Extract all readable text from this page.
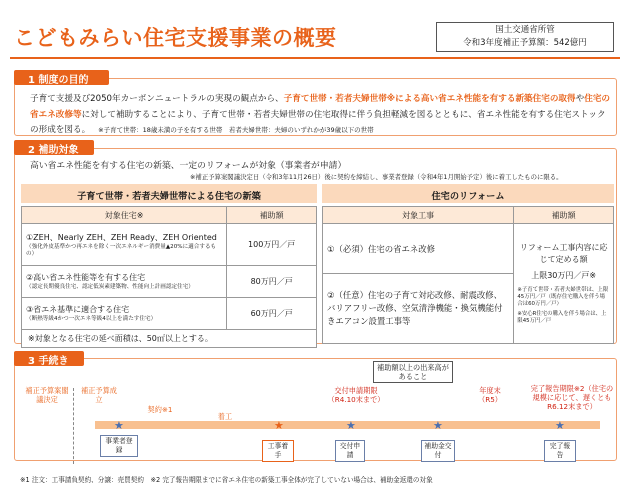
こどもみらい住宅支援事業の概要	国土交通省所管
令和3年度補正予算額：542億円
1 制度の目的
子育て支援及び2050年カーボンニュートラルの実現の観点から、子育て世帯・若者夫婦世帯※による高い省エネ性能を有する新築住宅の取得や住宅の省エネ改修等に対して補助することにより、子育て世帯・若者夫婦世帯の住宅取得に伴う負担軽減を図るとともに、省エネ性能を有する住宅ストックの形成を図る。 ※子育て世帯：18歳未満の子を有する世帯　若者夫婦世帯：夫婦のいずれかが39歳以下の世帯
2 補助対象
高い省エネ性能を有する住宅の新築、一定のリフォームが対象（事業者が申請）
※補正予算案閣議決定日（令和3年11月26日）後に契約を締結し、事業者登録（令和4年1月開始予定）後に着工したものに限る。
子育て世帯・若者夫婦世帯による住宅の新築	住宅のリフォーム
対象住宅※	補助額
①ZEH、Nearly ZEH、ZEH Ready、ZEH Oriented
（強化外皮基準かつ再エネを除く一次エネルギー消費量▲20%に適合するもの）	100万円／戸
②高い省エネ性能等を有する住宅
（認定長期優良住宅、認定低炭素建築物、性能向上計画認定住宅）	80万円／戸
③省エネ基準に適合する住宅
（断熱等級4かつ一次エネ等級4以上を満たす住宅）	60万円／戸
※対象となる住宅の延べ面積は、50㎡以上とする。	
対象工事	補助額
①（必須）住宅の省エネ改修	リフォーム工事内容に応じて定める額
上限30万円／戸※
※子育て世帯・若者夫婦世帯は、上限45万円／戸（既存住宅購入を伴う場合は60万円／戸）
※安心R住宅の購入を伴う場合は、上限45万円／戸

②（任意）住宅の子育て対応改修、耐震改修、バリアフリー改修、空気清浄機能・換気機能付きエアコン設置工事等	
3 手続き
補正予算案閣議決定
補正予算成立
契約※1
着工
補助額以上の出来高があること
交付申請期限（R4.10末まで）
年度末（R5）
完了報告期限※2（住宅の規模に応じて、遅くともR6.12末まで）
★	★	★	★	★
事業者登録	工事着手
交付申請
補助金交付
完了報告
※1 注文：工事請負契約、分譲：売買契約　※2 完了報告期限までに省エネ住宅の新築工事全体が完了していない場合は、補助金返還の対象
